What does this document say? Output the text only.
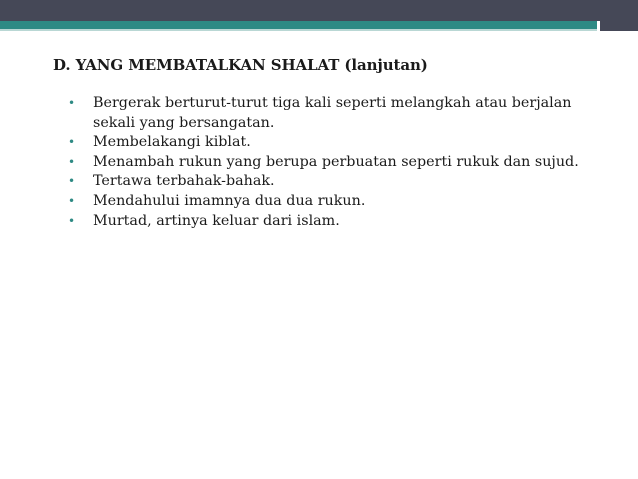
D. YANG MEMBATALKAN SHALAT (lanjutan)
• Bergerak berturut-turut tiga kali seperti melangkah atau berjalan sekali yang bersangatan.
• Membelakangi kiblat.
• Menambah rukun yang berupa perbuatan seperti rukuk dan sujud.
• Tertawa terbahak-bahak.
• Mendahului imamnya dua dua rukun.
• Murtad, artinya keluar dari islam.
